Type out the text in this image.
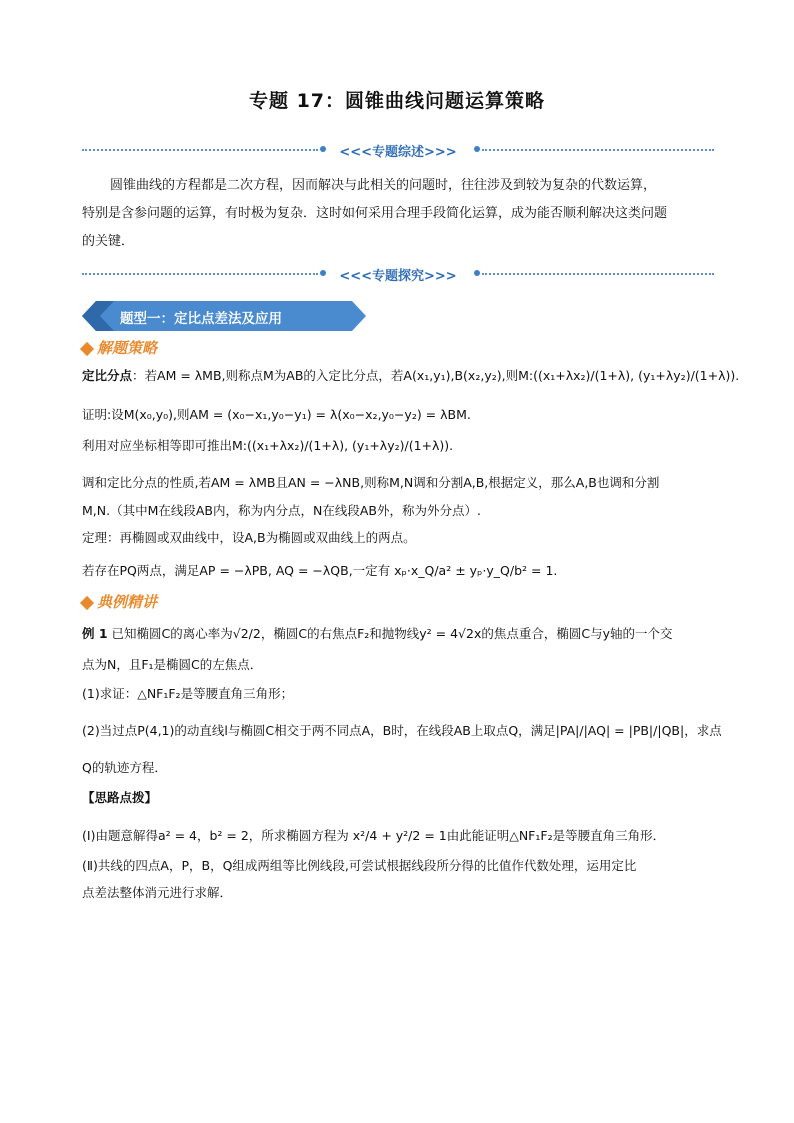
专题 17：圆锥曲线问题运算策略
<<<专题综述>>>
圆锥曲线的方程都是二次方程，因而解决与此相关的问题时，往往涉及到较为复杂的代数运算，
特别是含参问题的运算，有时极为复杂．这时如何采用合理手段简化运算，成为能否顺利解决这类问题
的关键．
<<<专题探究>>>
题型一：定比点差法及应用
解题策略
定比分点：若AM = λMB,则称点M为AB的入定比分点，若A(x₁,y₁),B(x₂,y₂),则M:((x₁+λx₂)/(1+λ), (y₁+λy₂)/(1+λ)).
证明:设M(x₀,y₀),则AM = (x₀−x₁,y₀−y₁) = λ(x₀−x₂,y₀−y₂) = λBM.
利用对应坐标相等即可推出M:((x₁+λx₂)/(1+λ), (y₁+λy₂)/(1+λ)).
调和定比分点的性质,若AM = λMB且AN = −λNB,则称M,N调和分割A,B,根据定义，那么A,B也调和分割
M,N.（其中M在线段AB内，称为内分点，N在线段AB外，称为外分点）.
定理：再椭圆或双曲线中，设A,B为椭圆或双曲线上的两点。
若存在PQ两点，满足AP = −λPB, AQ = −λQB,一定有 xₚ·x_Q/a² ± yₚ·y_Q/b² = 1.
典例精讲
例 1 已知椭圆C的离心率为√2/2，椭圆C的右焦点F₂和抛物线y² = 4√2x的焦点重合，椭圆C与y轴的一个交
点为N，且F₁是椭圆C的左焦点．
(1)求证：△NF₁F₂是等腰直角三角形；
(2)当过点P(4,1)的动直线l与椭圆C相交于两不同点A，B时，在线段AB上取点Q，满足|PA|/|AQ| = |PB|/|QB|，求点
Q的轨迹方程．
【思路点拨】
(Ⅰ)由题意解得a² = 4，b² = 2，所求椭圆方程为 x²/4 + y²/2 = 1由此能证明△NF₁F₂是等腰直角三角形．
(Ⅱ)共线的四点A，P，B，Q组成两组等比例线段,可尝试根据线段所分得的比值作代数处理，运用定比
点差法整体消元进行求解．
